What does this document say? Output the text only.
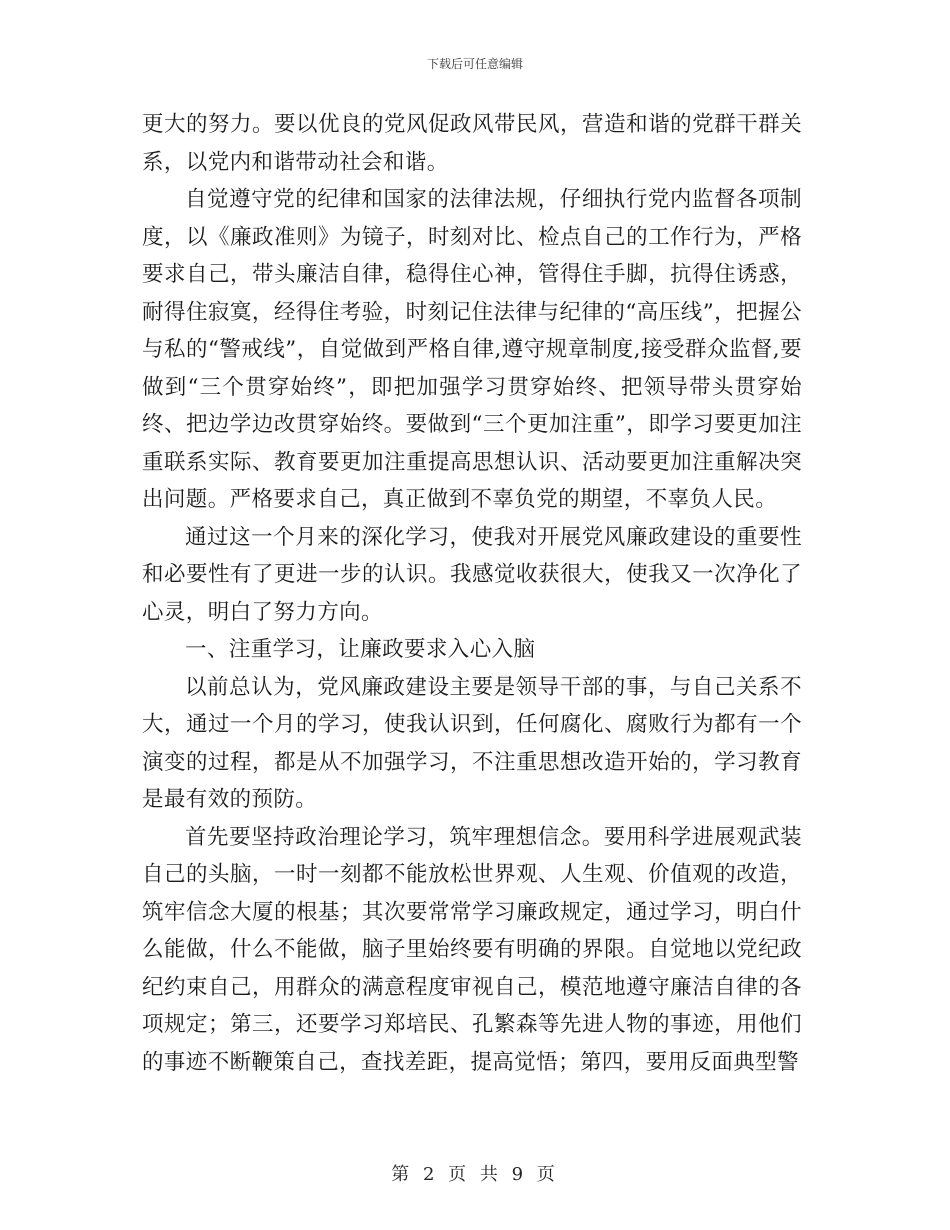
下载后可任意编辑

更大的努力。要以优良的党风促政风带民风，营造和谐的党群干群关系，以党内和谐带动社会和谐。

自觉遵守党的纪律和国家的法律法规，仔细执行党内监督各项制度，以《廉政准则》为镜子，时刻对比、检点自己的工作行为，严格要求自己，带头廉洁自律，稳得住心神，管得住手脚，抗得住诱惑，耐得住寂寞，经得住考验，时刻记住法律与纪律的“高压线”，把握公与私的“警戒线”，自觉做到严格自律,遵守规章制度,接受群众监督,要做到“三个贯穿始终”，即把加强学习贯穿始终、把领导带头贯穿始终、把边学边改贯穿始终。要做到“三个更加注重”，即学习要更加注重联系实际、教育要更加注重提高思想认识、活动要更加注重解决突出问题。严格要求自己，真正做到不辜负党的期望，不辜负人民。

通过这一个月来的深化学习，使我对开展党风廉政建设的重要性和必要性有了更进一步的认识。我感觉收获很大，使我又一次净化了心灵，明白了努力方向。

一、注重学习，让廉政要求入心入脑

以前总认为，党风廉政建设主要是领导干部的事，与自己关系不大，通过一个月的学习，使我认识到，任何腐化、腐败行为都有一个演变的过程，都是从不加强学习，不注重思想改造开始的，学习教育是最有效的预防。

首先要坚持政治理论学习，筑牢理想信念。要用科学进展观武装自己的头脑，一时一刻都不能放松世界观、人生观、价值观的改造，筑牢信念大厦的根基；其次要常常学习廉政规定，通过学习，明白什么能做，什么不能做，脑子里始终要有明确的界限。自觉地以党纪政纪约束自己，用群众的满意程度审视自己，模范地遵守廉洁自律的各项规定；第三，还要学习郑培民、孔繁森等先进人物的事迹，用他们的事迹不断鞭策自己，查找差距，提高觉悟；第四，要用反面典型警

第 2 页 共 9 页
